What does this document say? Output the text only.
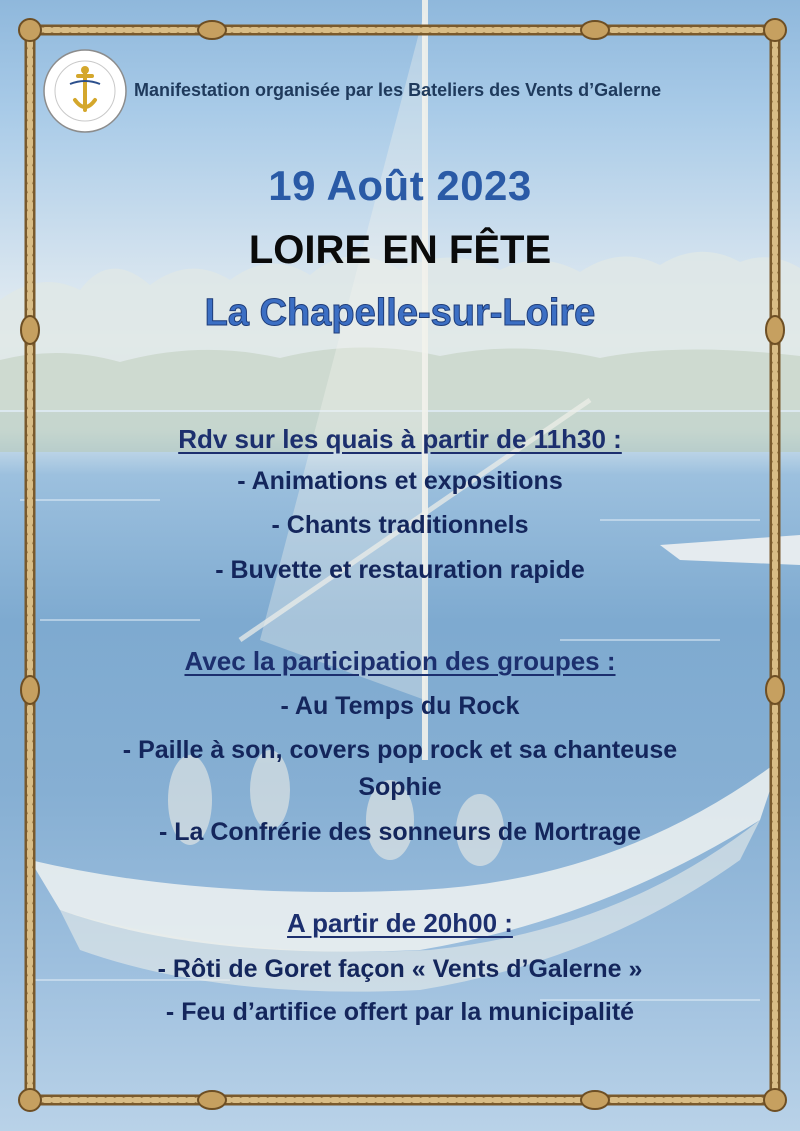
Manifestation organisée par les Bateliers des Vents d’Galerne
19 Août 2023
LOIRE EN FÊTE
La Chapelle-sur-Loire
Rdv sur les quais à partir de 11h30 :
- Animations et expositions
- Chants traditionnels
- Buvette et restauration rapide
Avec la participation des groupes :
- Au Temps du Rock
- Paille à son, covers pop rock et sa chanteuse
Sophie
- La Confrérie des sonneurs de Mortrage
A partir de 20h00 :
- Rôti de Goret façon « Vents d’Galerne »
- Feu d’artifice offert par la municipalité
